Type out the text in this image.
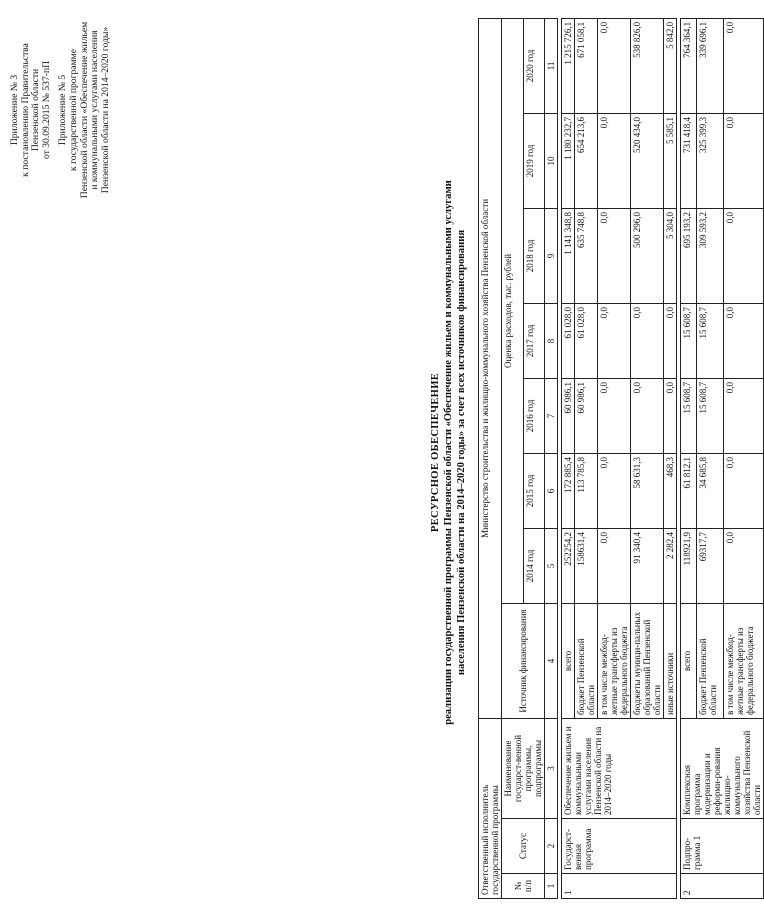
Приложение № 3 к постановлению Правительства Пензенской области от 30.09.2015 № 537-пП Приложение № 5 к государственной программе Пензенской области «Обеспечение жильем и коммунальными услугами населения Пензенской области на 2014–2020 годы»
РЕСУРСНОЕ ОБЕСПЕЧЕНИЕ реализации государственной программы Пензенской области «Обеспечение жильем и коммунальными услугами населения Пензенской области на 2014–2020 годы» за счет всех источников финансирования
Ответственный исполнитель государственной программы			Министерство строительства и жилищно-коммунального хозяйства Пензенской области							
№ п/п	Статус	Наименование государст-венной программы, подпрограммы	Источник финансирования	Оценка расходов, тыс. рублей						
				2014 год	2015 год	2016 год	2017 год	2018 год	2019 год	2020 год
1	2	3	4	5	6	7	8	9	10	11

1	Государст-венная программа	Обеспечение жильем и коммунальными услугами населения Пензенской области на 2014–2020 годы	всего	252254,2	172 885,4	60 986,1	61 028,0	1 141 348,8	1 180 232,7	1 215 726,1
			бюджет Пензенской области	158631,4	113 785,8	60 986,1	61 028,0	635 748,8	654 213,6	671 058,1
			в том числе межбюд-жетные трансферты из федерального бюджета	0,0	0,0	0,0	0,0	0,0	0,0	0,0
			бюджеты муници-пальных образований Пензенской области	91 340,4	58 631,3	0,0	0,0	500 296,0	520 434,0	538 826,0
			иные источники	2 282,4	468,3	0,0	0,0	5 304,0	5 585,1	5 842,0

2	Подпро-грамма 1	Комплексная программа модернизации и реформи-рования жилищно-коммунального хозяйства Пензенской области	всего	118921,9	61 812,1	15 608,7	15 608,7	695 193,2	731 418,4	764 364,1
			бюджет Пензенской области	69317,7	34 685,8	15 608,7	15 608,7	309 593,2	325 399,3	339 696,1
			в том числе межбюд-жетные трансферты из федерального бюджета	0,0	0,0	0,0	0,0	0,0	0,0	0,0
